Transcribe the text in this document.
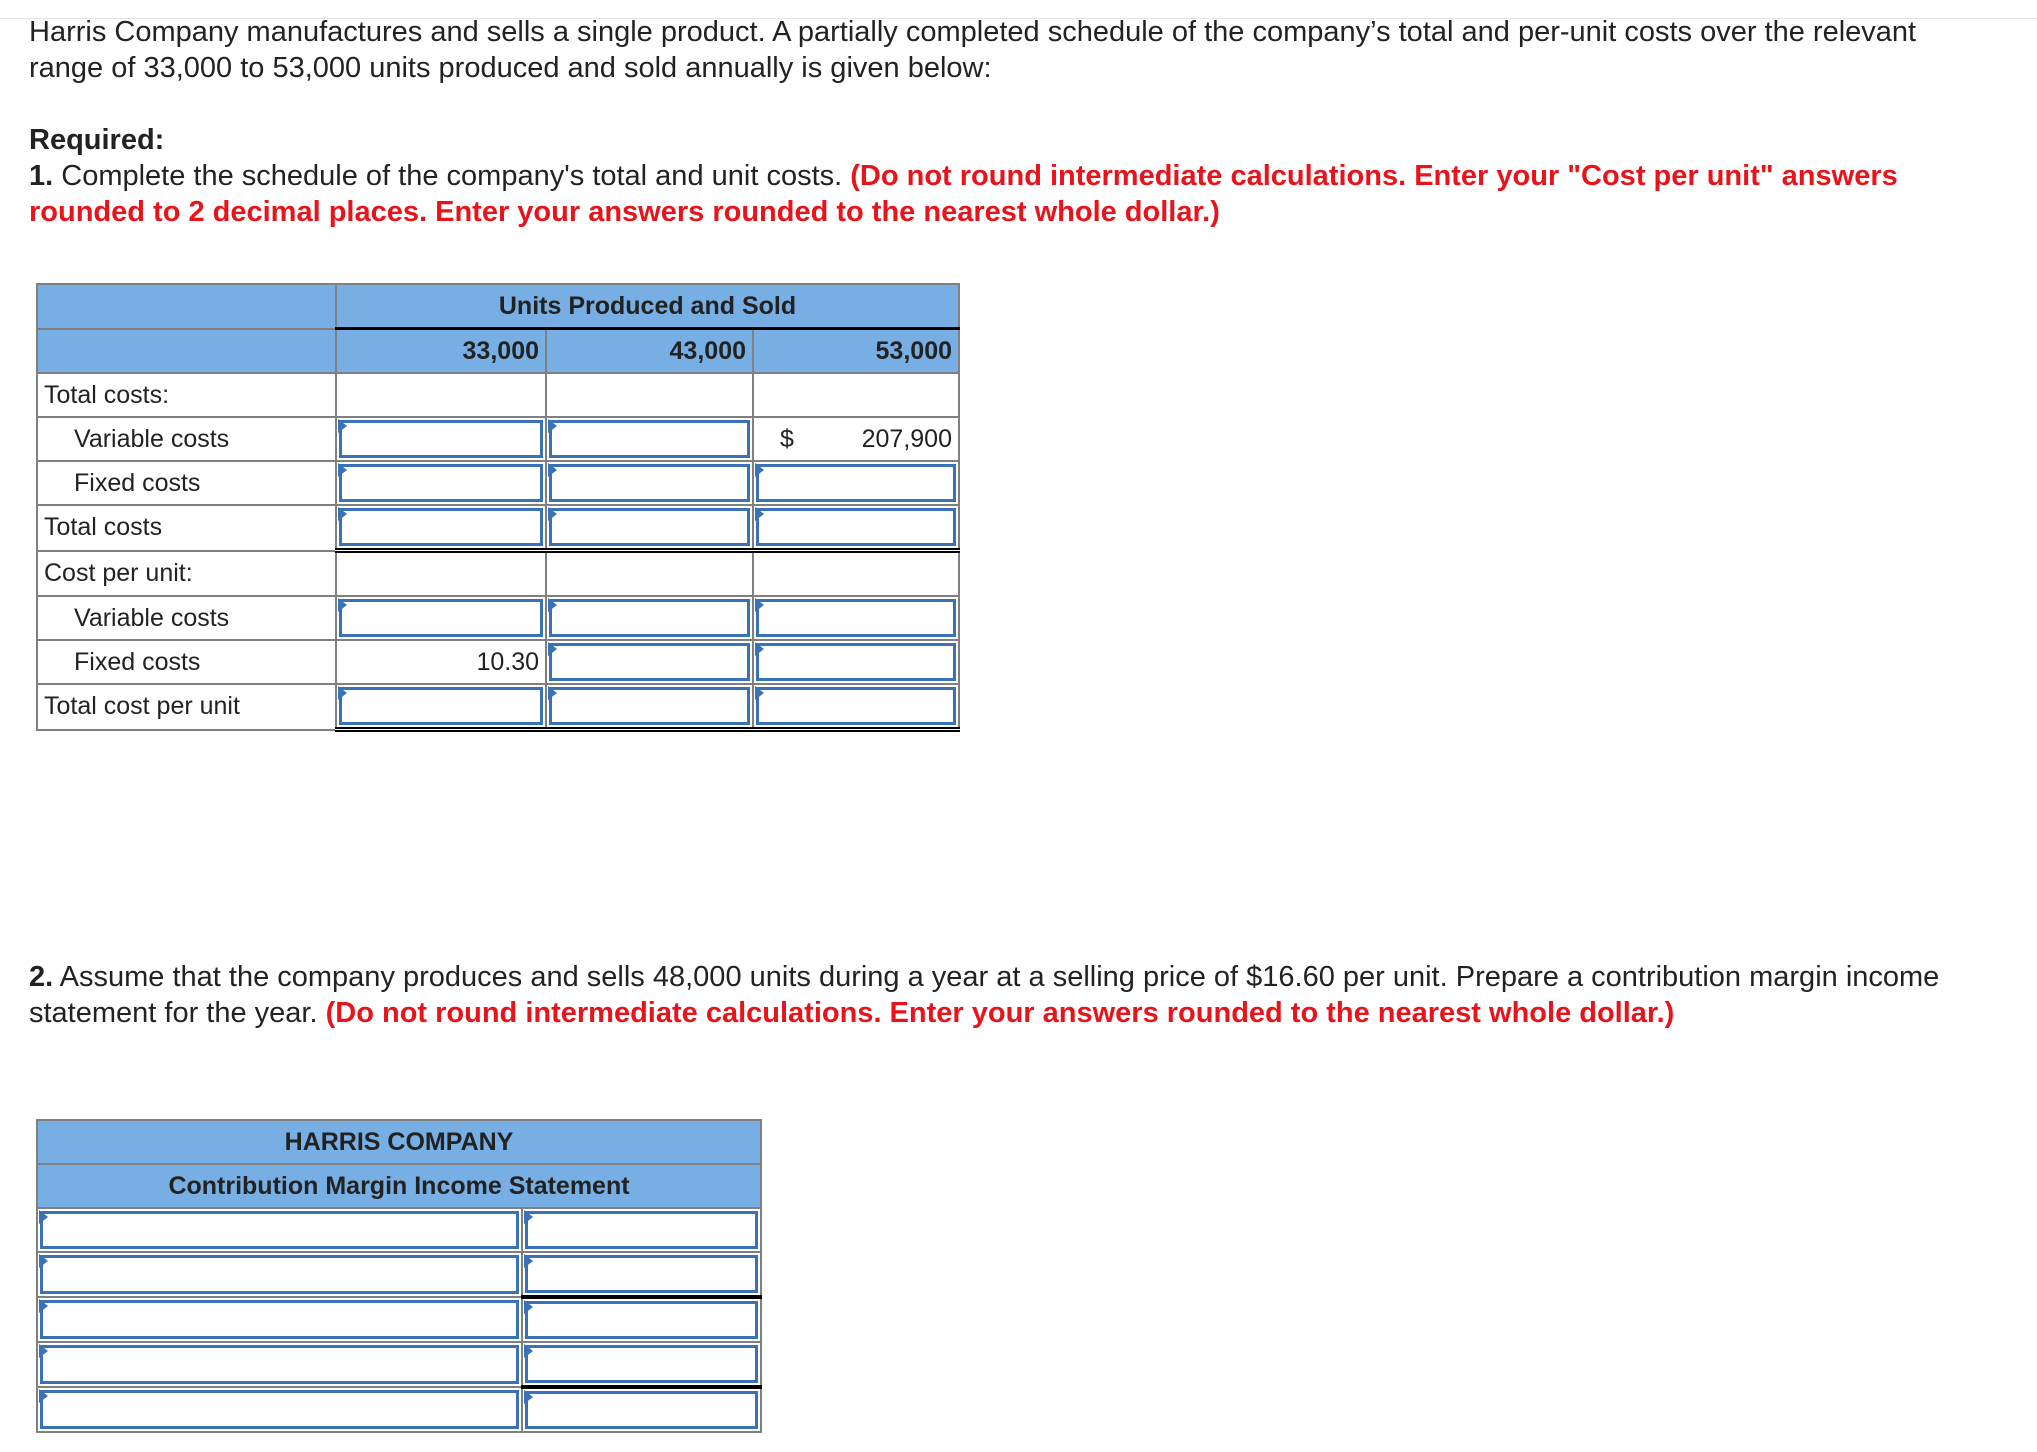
Harris Company manufactures and sells a single product. A partially completed schedule of the company’s total and per-unit costs over the relevant range of 33,000 to 53,000 units produced and sold annually is given below:

Required:

1. Complete the schedule of the company's total and unit costs. (Do not round intermediate calculations. Enter your "Cost per unit" answers rounded to 2 decimal places. Enter your answers rounded to the nearest whole dollar.)

	Units Produced and Sold		
	33,000	43,000	53,000
Total costs:			
Variable costs			$ 207,900
Fixed costs	

Total costs	

Cost per unit:			
Variable costs	

Fixed costs	10.30	

Total cost per unit	

2. Assume that the company produces and sells 48,000 units during a year at a selling price of $16.60 per unit. Prepare a contribution margin income statement for the year. (Do not round intermediate calculations. Enter your answers rounded to the nearest whole dollar.)

HARRIS COMPANY	
Contribution Margin Income Statement	
